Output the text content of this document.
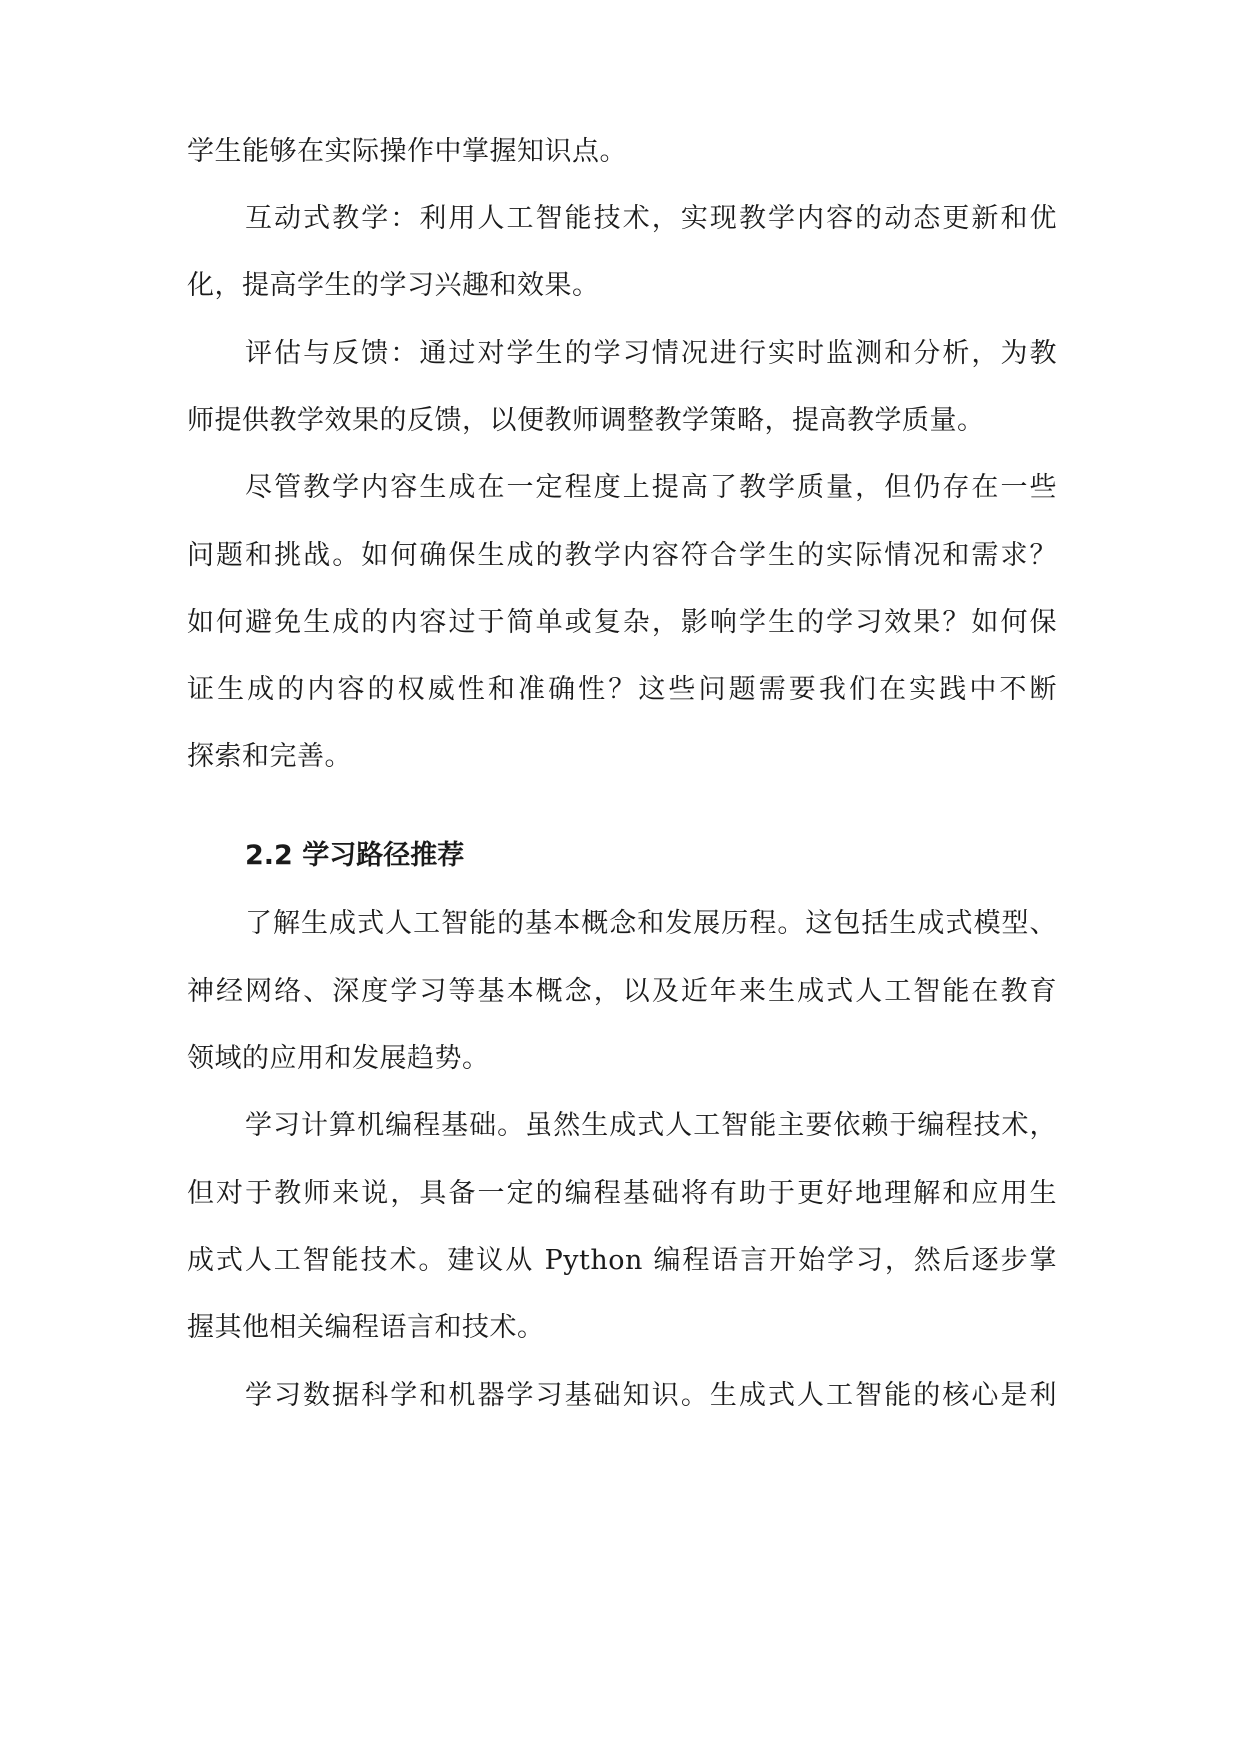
学生能够在实际操作中掌握知识点。
互动式教学：利用人工智能技术，实现教学内容的动态更新和优
化，提高学生的学习兴趣和效果。
评估与反馈：通过对学生的学习情况进行实时监测和分析，为教
师提供教学效果的反馈，以便教师调整教学策略，提高教学质量。
尽管教学内容生成在一定程度上提高了教学质量，但仍存在一些
问题和挑战。如何确保生成的教学内容符合学生的实际情况和需求？
如何避免生成的内容过于简单或复杂，影响学生的学习效果？如何保
证生成的内容的权威性和准确性？这些问题需要我们在实践中不断
探索和完善。
2.2 学习路径推荐
了解生成式人工智能的基本概念和发展历程。这包括生成式模型、
神经网络、深度学习等基本概念，以及近年来生成式人工智能在教育
领域的应用和发展趋势。
学习计算机编程基础。虽然生成式人工智能主要依赖于编程技术，
但对于教师来说，具备一定的编程基础将有助于更好地理解和应用生
成式人工智能技术。建议从 Python 编程语言开始学习，然后逐步掌
握其他相关编程语言和技术。
学习数据科学和机器学习基础知识。生成式人工智能的核心是利
